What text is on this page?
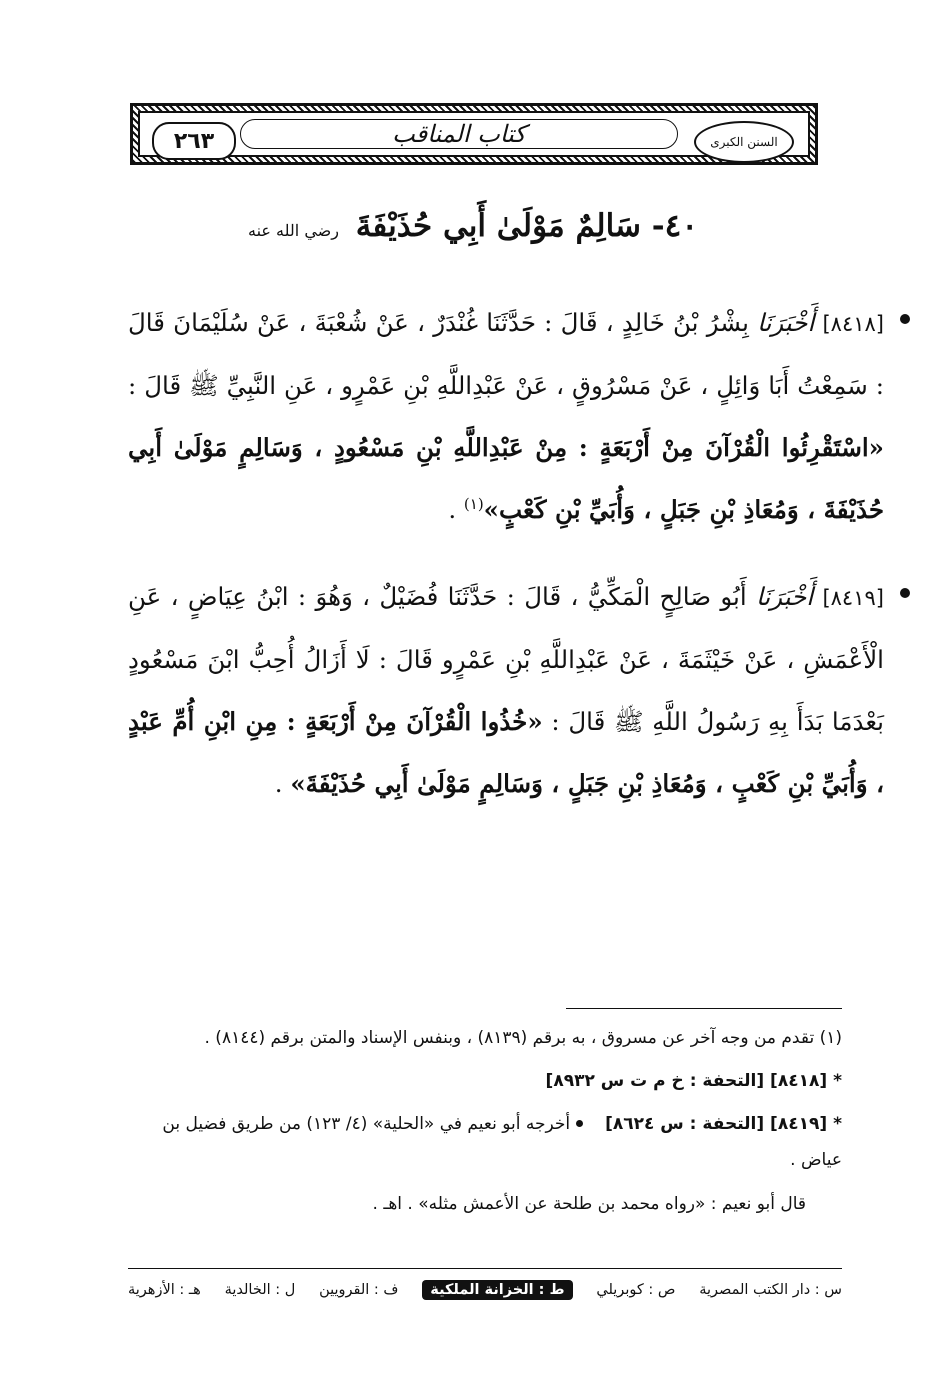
٢٦٣	كتاب المناقب	السنن الكبرى
٤٠- سَالِمٌ مَوْلَىٰ أَبِي حُذَيْفَةَ رضي الله عنه
[٨٤١٨] أَخْبَرَنَا بِشْرُ بْنُ خَالِدٍ ، قَالَ : حَدَّثَنَا غُنْدَرٌ ، عَنْ شُعْبَةَ ، عَنْ سُلَيْمَانَ قَالَ : سَمِعْتُ أَبَا وَائِلٍ ، عَنْ مَسْرُوقٍ ، عَنْ عَبْدِاللَّهِ بْنِ عَمْرٍو ، عَنِ النَّبِيِّ ﷺ قَالَ : «اسْتَقْرِئُوا الْقُرْآنَ مِنْ أَرْبَعَةٍ : مِنْ عَبْدِاللَّهِ بْنِ مَسْعُودٍ ، وَسَالِمٍ مَوْلَىٰ أَبِي حُذَيْفَةَ ، وَمُعَاذِ بْنِ جَبَلٍ ، وَأُبَيِّ بْنِ كَعْبٍ»$^{(١)}$ .
[٨٤١٩] أَخْبَرَنَا أَبُو صَالِحٍ الْمَكِّيُّ ، قَالَ : حَدَّثَنَا فُضَيْلٌ ، وَهُوَ : ابْنُ عِيَاضٍ ، عَنِ الْأَعْمَشِ ، عَنْ خَيْثَمَةَ ، عَنْ عَبْدِاللَّهِ بْنِ عَمْرٍو قَالَ : لَا أَزَالُ أُحِبُّ ابْنَ مَسْعُودٍ بَعْدَمَا بَدَأَ بِهِ رَسُولُ اللَّهِ ﷺ قَالَ : «خُذُوا الْقُرْآنَ مِنْ أَرْبَعَةٍ : مِنِ ابْنِ أُمِّ عَبْدٍ ، وَأُبَيِّ بْنِ كَعْبٍ ، وَمُعَاذِ بْنِ جَبَلٍ ، وَسَالِمٍ مَوْلَىٰ أَبِي حُذَيْفَةَ» .

(١) تقدم من وجه آخر عن مسروق ، به برقم (٨١٣٩) ، وبنفس الإسناد والمتن برقم (٨١٤٤) .

*[٨٤١٨] [التحفة : خ م ت س ٨٩٣٢]

*[٨٤١٩] [التحفة : س ٨٦٢٤]أخرجه أبو نعيم في «الحلية» (٤/ ١٢٣) من طريق فضيل بن عياض .

قال أبو نعيم : «رواه محمد بن طلحة عن الأعمش مثله» . اهـ .

س : دار الكتب المصرية
ص : كوبريلي
ط : الخزانة الملكية
ف : القرويين
ل : الخالدية
هـ : الأزهرية
